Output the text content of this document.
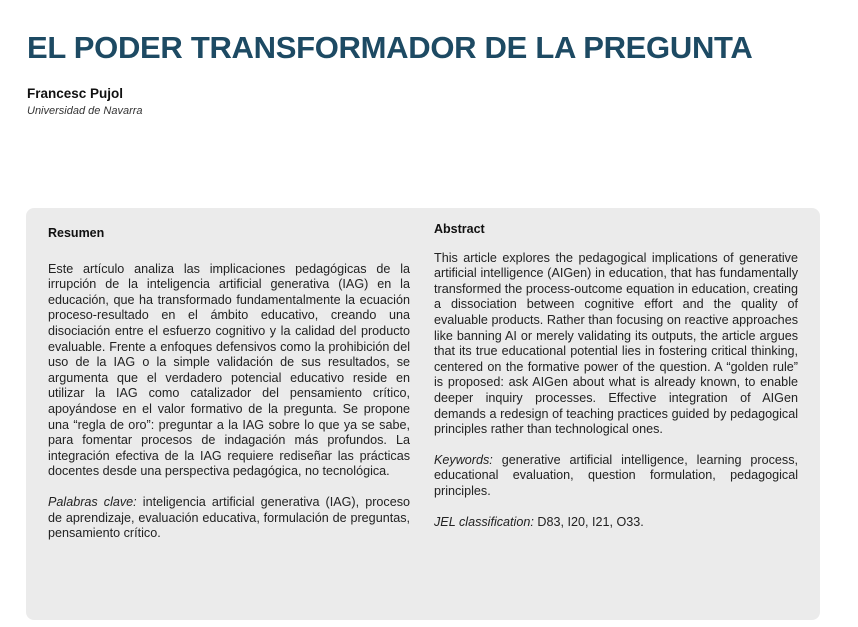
EL PODER TRANSFORMADOR DE LA PREGUNTA
Francesc Pujol
Universidad de Navarra
Resumen

Este artículo analiza las implicaciones pedagógicas de la irrupción de la inteligencia artificial generativa (IAG) en la educación, que ha transformado fundamentalmente la ecuación proceso-resultado en el ámbito educativo, creando una disociación entre el esfuerzo cognitivo y la calidad del producto evaluable. Frente a enfoques defensivos como la prohibición del uso de la IAG o la simple validación de sus resultados, se argumenta que el verdadero potencial educativo reside en utilizar la IAG como catalizador del pensamiento crítico, apoyándose en el valor formativo de la pregunta. Se propone una “regla de oro”: preguntar a la IAG sobre lo que ya se sabe, para fomentar procesos de indagación más profundos. La integración efectiva de la IAG requiere rediseñar las prácticas docentes desde una perspectiva pedagógica, no tecnológica.

Palabras clave: inteligencia artificial generativa (IAG), proceso de aprendizaje, evaluación educativa, formulación de preguntas, pensamiento crítico.

Abstract

This article explores the pedagogical implications of generative artificial intelligence (AIGen) in education, that has fundamentally transformed the process-outcome equation in education, creating a dissociation between cognitive effort and the quality of evaluable products. Rather than focusing on reactive approaches like banning AI or merely validating its outputs, the article argues that its true educational potential lies in fostering critical thinking, centered on the formative power of the question. A “golden rule” is proposed: ask AIGen about what is already known, to enable deeper inquiry processes. Effective integration of AIGen demands a redesign of teaching practices guided by pedagogical principles rather than technological ones.

Keywords: generative artificial intelligence, learning process, educational evaluation, question formulation, pedagogical principles.

JEL classification: D83, I20, I21, O33.
